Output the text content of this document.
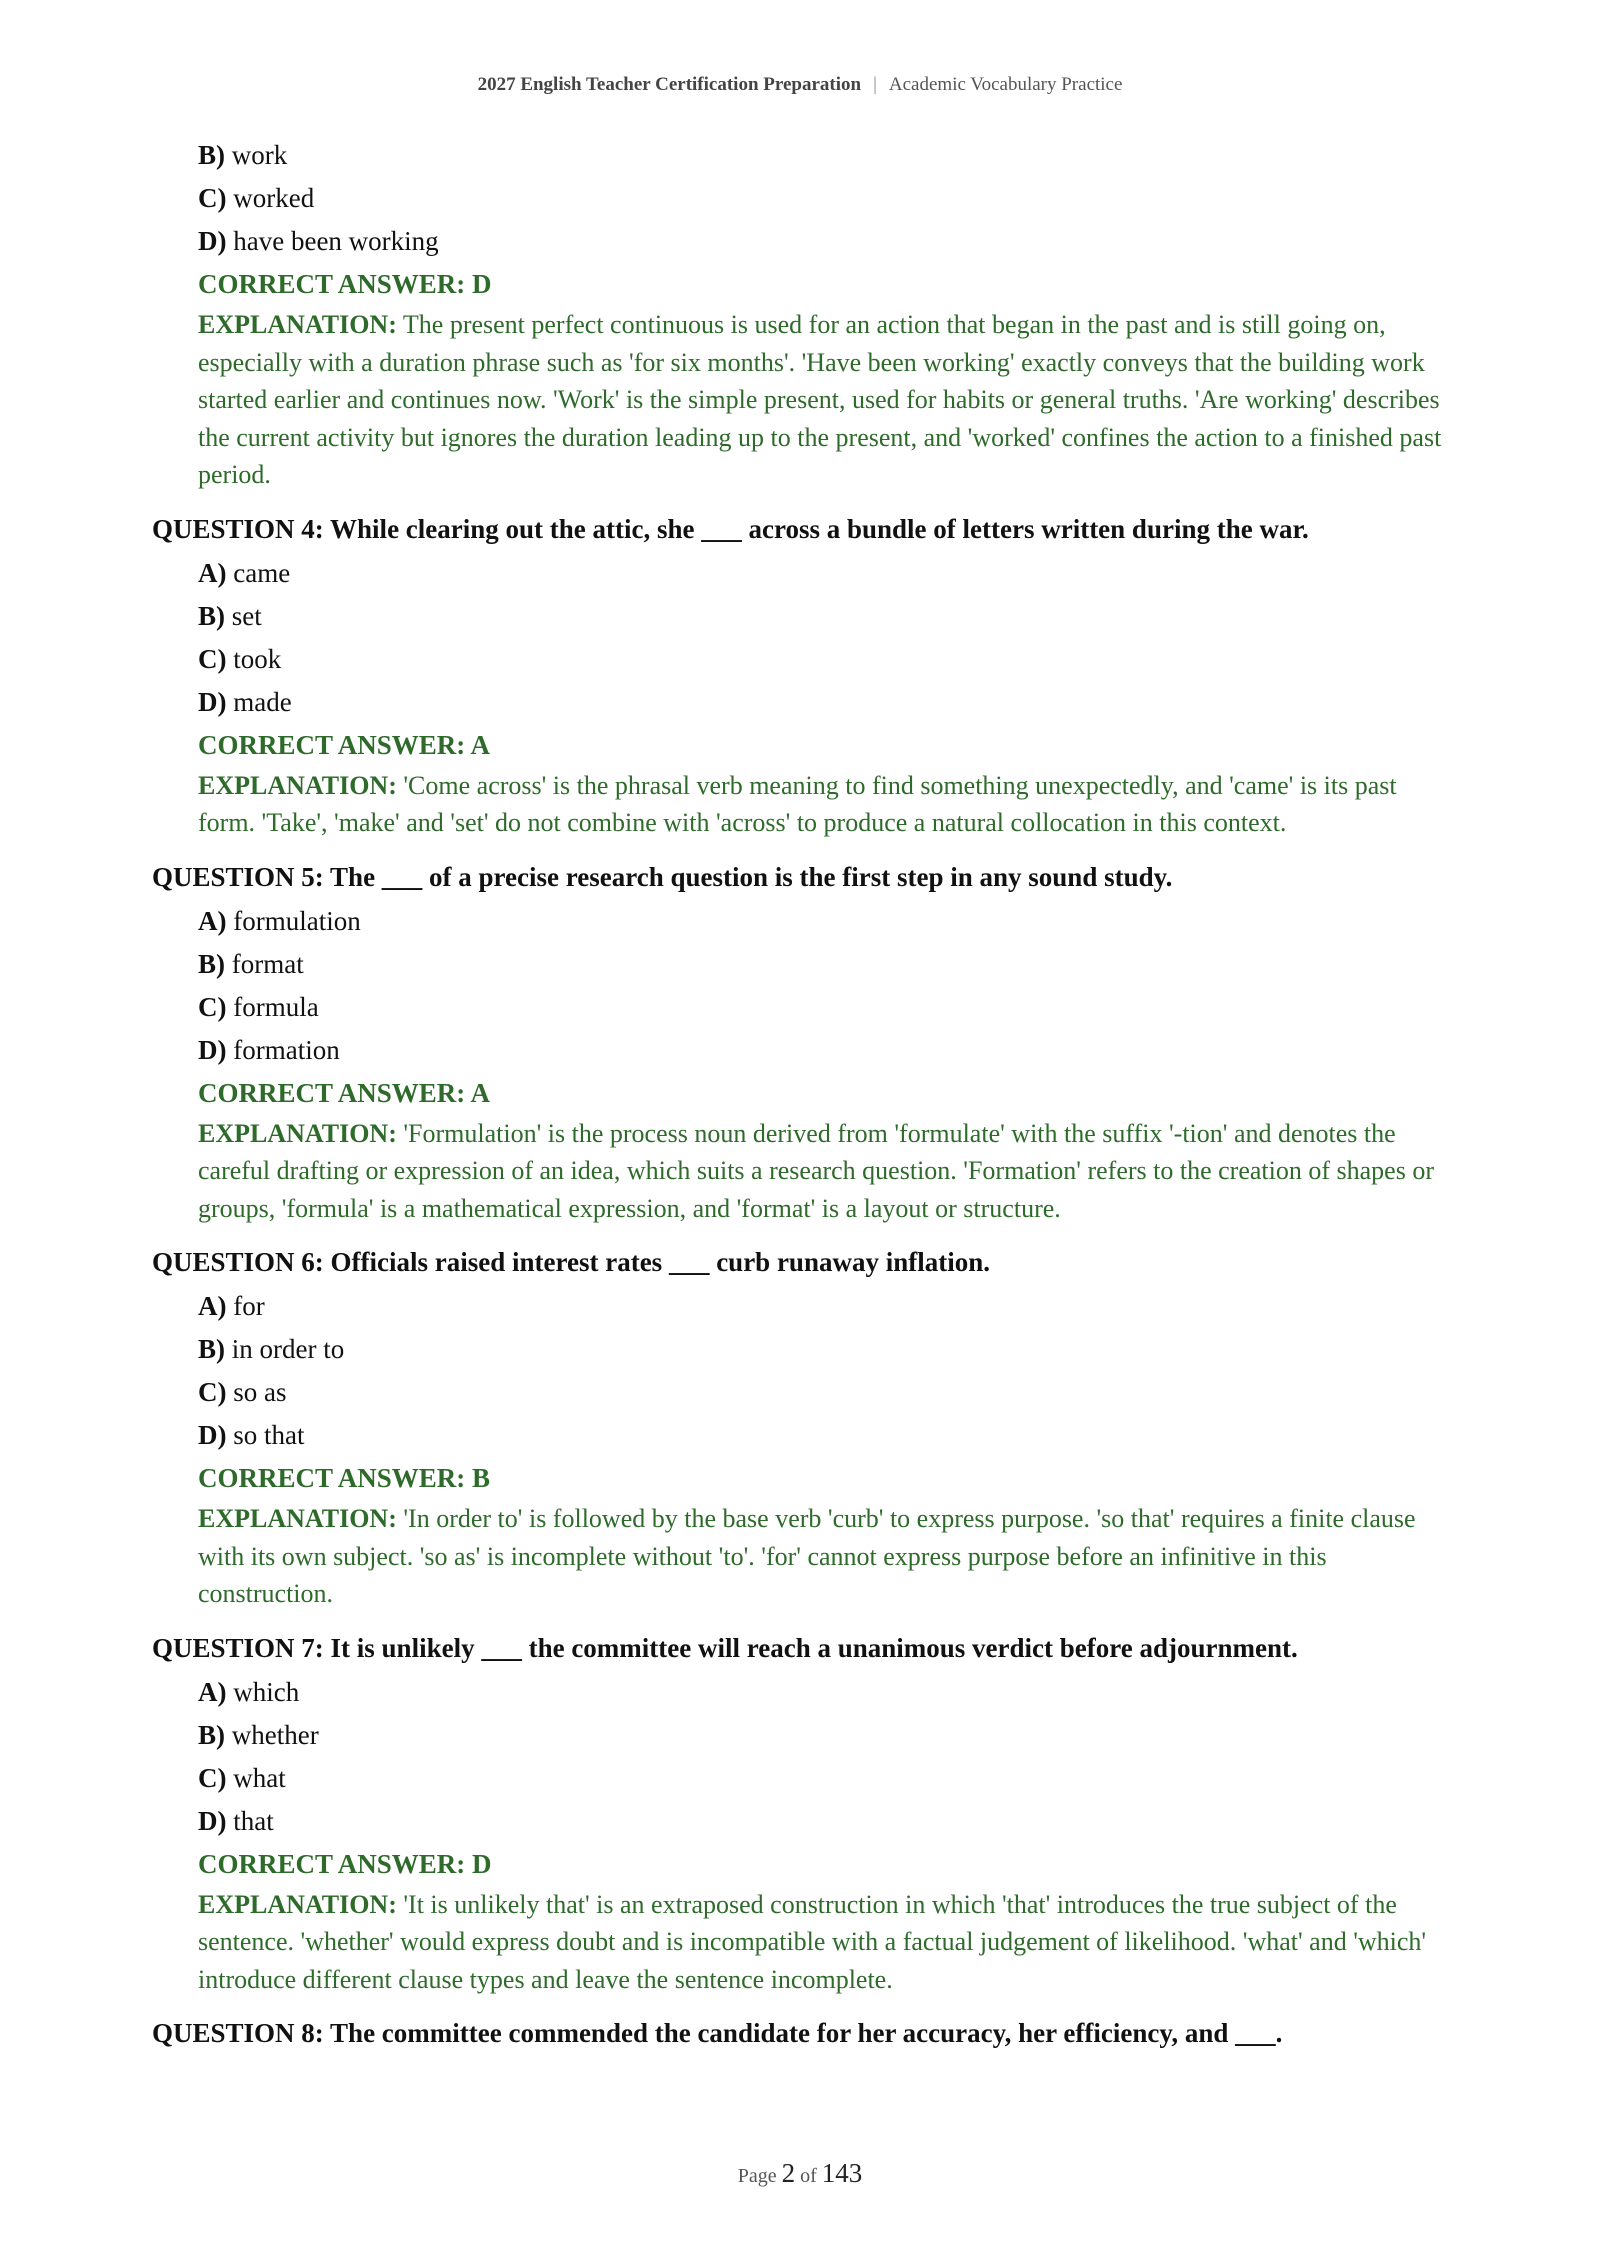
2027 English Teacher Certification Preparation | Academic Vocabulary Practice
B) work
C) worked
D) have been working
CORRECT ANSWER: D
EXPLANATION: The present perfect continuous is used for an action that began in the past and is still going on, especially with a duration phrase such as 'for six months'. 'Have been working' exactly conveys that the building work started earlier and continues now. 'Work' is the simple present, used for habits or general truths. 'Are working' describes the current activity but ignores the duration leading up to the present, and 'worked' confines the action to a finished past period.
QUESTION 4: While clearing out the attic, she ___ across a bundle of letters written during the war.
A) came
B) set
C) took
D) made
CORRECT ANSWER: A
EXPLANATION: 'Come across' is the phrasal verb meaning to find something unexpectedly, and 'came' is its past form. 'Take', 'make' and 'set' do not combine with 'across' to produce a natural collocation in this context.
QUESTION 5: The ___ of a precise research question is the first step in any sound study.
A) formulation
B) format
C) formula
D) formation
CORRECT ANSWER: A
EXPLANATION: 'Formulation' is the process noun derived from 'formulate' with the suffix '-tion' and denotes the careful drafting or expression of an idea, which suits a research question. 'Formation' refers to the creation of shapes or groups, 'formula' is a mathematical expression, and 'format' is a layout or structure.
QUESTION 6: Officials raised interest rates ___ curb runaway inflation.
A) for
B) in order to
C) so as
D) so that
CORRECT ANSWER: B
EXPLANATION: 'In order to' is followed by the base verb 'curb' to express purpose. 'so that' requires a finite clause with its own subject. 'so as' is incomplete without 'to'. 'for' cannot express purpose before an infinitive in this construction.
QUESTION 7: It is unlikely ___ the committee will reach a unanimous verdict before adjournment.
A) which
B) whether
C) what
D) that
CORRECT ANSWER: D
EXPLANATION: 'It is unlikely that' is an extraposed construction in which 'that' introduces the true subject of the sentence. 'whether' would express doubt and is incompatible with a factual judgement of likelihood. 'what' and 'which' introduce different clause types and leave the sentence incomplete.
QUESTION 8: The committee commended the candidate for her accuracy, her efficiency, and ___.
Page 2 of 143
